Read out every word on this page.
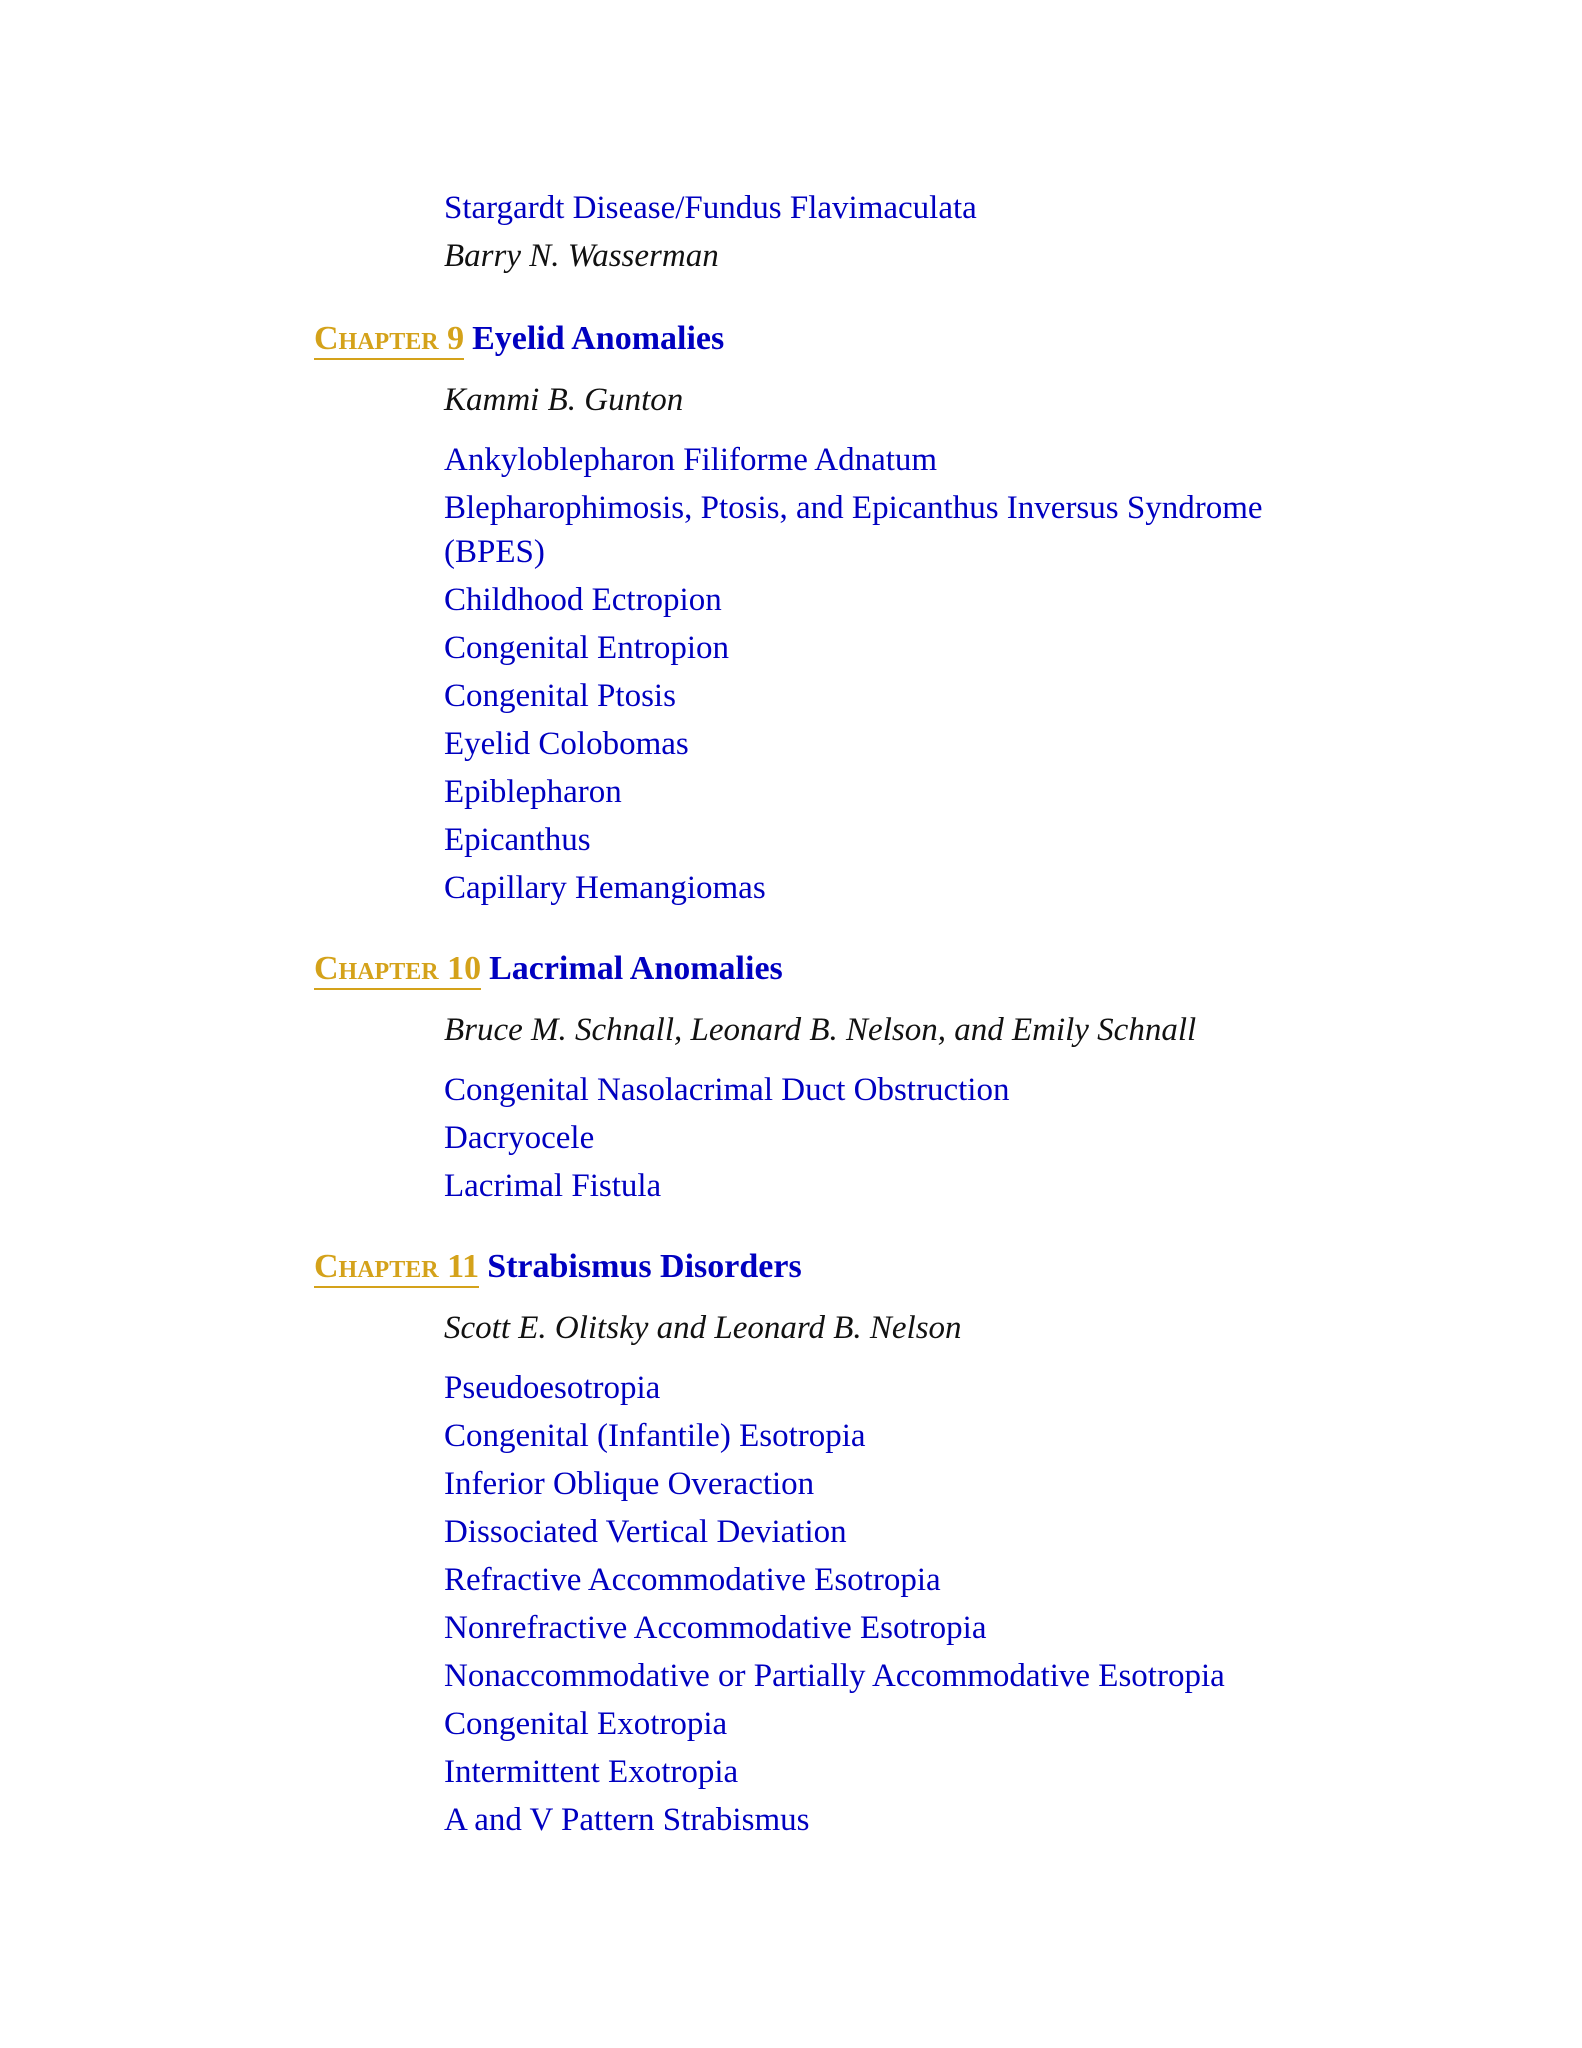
Stargardt Disease/Fundus Flavimaculata
Barry N. Wasserman
Chapter 9 Eyelid Anomalies
Kammi B. Gunton
Ankyloblepharon Filiforme Adnatum
Blepharophimosis, Ptosis, and Epicanthus Inversus Syndrome
(BPES)
Childhood Ectropion
Congenital Entropion
Congenital Ptosis
Eyelid Colobomas
Epiblepharon
Epicanthus
Capillary Hemangiomas
Chapter 10 Lacrimal Anomalies
Bruce M. Schnall, Leonard B. Nelson, and Emily Schnall
Congenital Nasolacrimal Duct Obstruction
Dacryocele
Lacrimal Fistula
Chapter 11 Strabismus Disorders
Scott E. Olitsky and Leonard B. Nelson
Pseudoesotropia
Congenital (Infantile) Esotropia
Inferior Oblique Overaction
Dissociated Vertical Deviation
Refractive Accommodative Esotropia
Nonrefractive Accommodative Esotropia
Nonaccommodative or Partially Accommodative Esotropia
Congenital Exotropia
Intermittent Exotropia
A and V Pattern Strabismus
